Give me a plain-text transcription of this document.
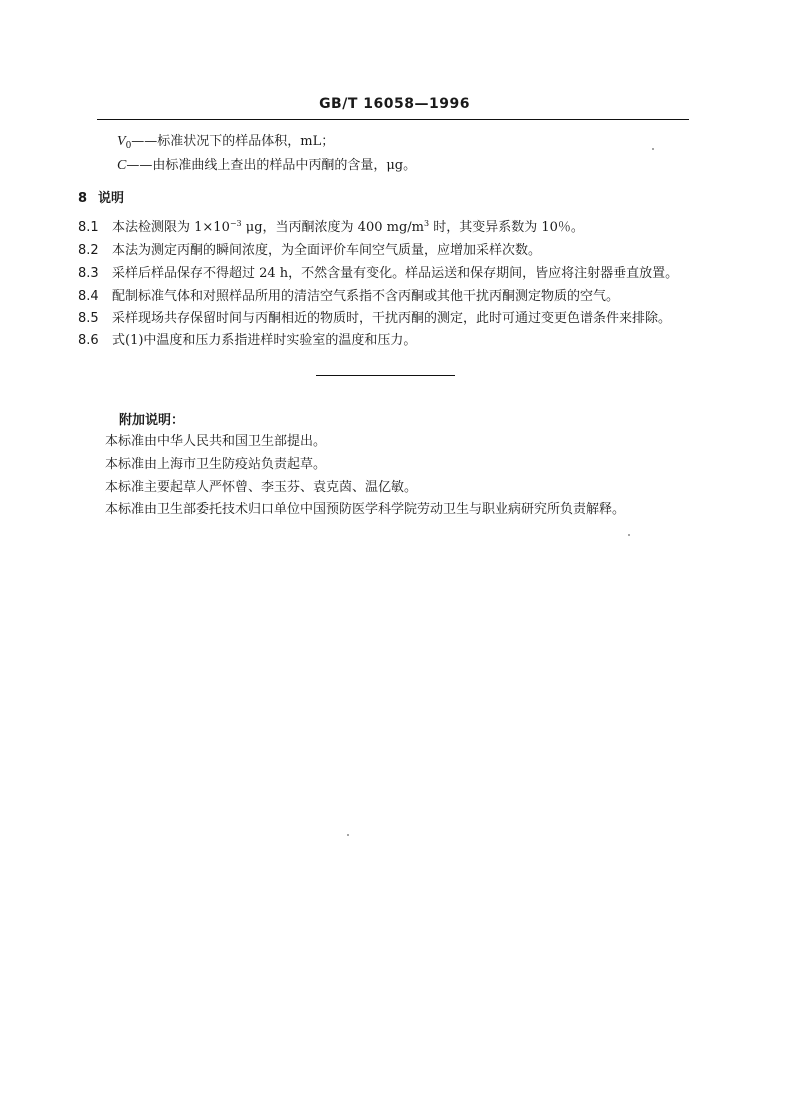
GB/T 16058—1996
$V_0——$标准状况下的样品体积，mL；
C——由标准曲线上查出的样品中丙酮的含量，μg。
8 说明
8.1 本法检测限为 $1\times 10^{-3}$ μg，当丙酮浓度为 400 $mg/m^3$ 时，其变异系数为 10％。
8.2 本法为测定丙酮的瞬间浓度，为全面评价车间空气质量，应增加采样次数。
8.3 采样后样品保存不得超过 24 h，不然含量有变化。样品运送和保存期间，皆应将注射器垂直放置。
8.4 配制标准气体和对照样品所用的清洁空气系指不含丙酮或其他干扰丙酮测定物质的空气。
8.5 采样现场共存保留时间与丙酮相近的物质时，干扰丙酮的测定，此时可通过变更色谱条件来排除。
8.6 式(1)中温度和压力系指进样时实验室的温度和压力。
附加说明：
本标准由中华人民共和国卫生部提出。
本标准由上海市卫生防疫站负责起草。
本标准主要起草人严怀曾、李玉芬、袁克茵、温亿敏。
本标准由卫生部委托技术归口单位中国预防医学科学院劳动卫生与职业病研究所负责解释。
